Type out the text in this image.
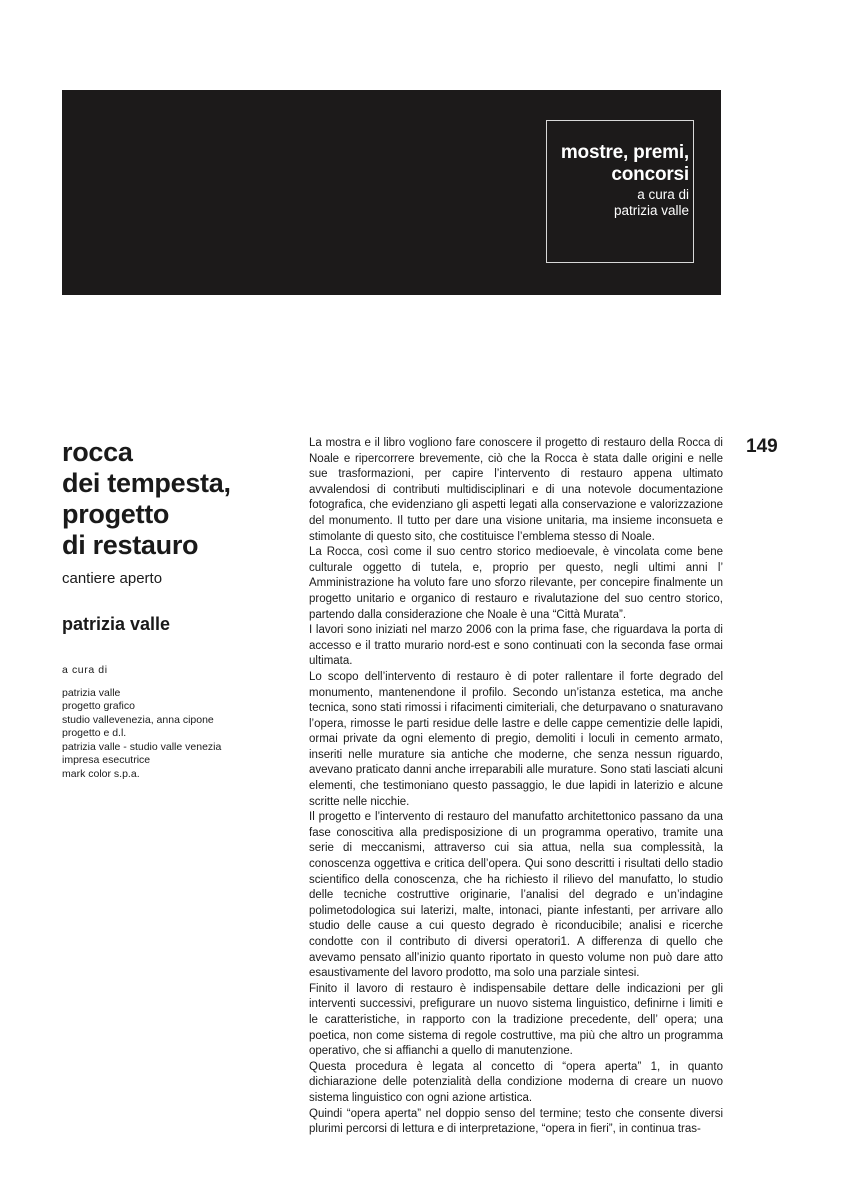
mostre, premi,
concorsi
a cura di
patrizia valle
149
rocca
dei tempesta,
progetto
di restauro
cantiere aperto
patrizia valle
a cura di
patrizia valle
progetto grafico
studio vallevenezia, anna cipone
progetto e d.l.
patrizia valle - studio valle venezia
impresa esecutrice
mark color s.p.a.

La mostra e il libro vogliono fare conoscere il progetto di restauro della Rocca di Noale e ripercorrere brevemente, ciò che la Rocca è stata dalle origini e nelle sue trasformazioni, per capire l’intervento di restauro appena ultimato avvalendosi di contributi multidisciplinari e di una notevole documentazione fotografica, che evidenziano gli aspetti legati alla conservazione e valorizzazione del monumento. Il tutto per dare una visione unitaria, ma insieme inconsueta e stimolante di questo sito, che costituisce l’emblema stesso di Noale.

La Rocca, così come il suo centro storico medioevale, è vincolata come bene culturale oggetto di tutela, e, proprio per questo, negli ultimi anni l’ Amministrazione ha voluto fare uno sforzo rilevante, per concepire finalmente un progetto unitario e organico di restauro e rivalutazione del suo centro storico, partendo dalla considerazione che Noale è una “Città Murata”.

I lavori sono iniziati nel marzo 2006 con la prima fase, che riguardava la porta di accesso e il tratto murario nord-est e sono continuati con la seconda fase ormai ultimata.

Lo scopo dell’intervento di restauro è di poter rallentare il forte degrado del monumento, mantenendone il profilo. Secondo un’istanza estetica, ma anche tecnica, sono stati rimossi i rifacimenti cimiteriali, che deturpavano o snaturavano l’opera, rimosse le parti residue delle lastre e delle cappe cementizie delle lapidi, ormai private da ogni elemento di pregio, demoliti i loculi in cemento armato, inseriti nelle murature sia antiche che moderne, che senza nessun riguardo, avevano praticato danni anche irreparabili alle murature. Sono stati lasciati alcuni elementi, che testimoniano questo passaggio, le due lapidi in laterizio e alcune scritte nelle nicchie.

Il progetto e l’intervento di restauro del manufatto architettonico passano da una fase conoscitiva alla predisposizione di un programma operativo, tramite una serie di meccanismi, attraverso cui sia attua, nella sua complessità, la conoscenza oggettiva e critica dell’opera. Qui sono descritti i risultati dello stadio scientifico della conoscenza, che ha richiesto il rilievo del manufatto, lo studio delle tecniche costruttive originarie, l’analisi del degrado e un’indagine polimetodologica sui laterizi, malte, intonaci, piante infestanti, per arrivare allo studio delle cause a cui questo degrado è riconducibile; analisi e ricerche condotte con il contributo di diversi operatori1. A differenza di quello che avevamo pensato all’inizio quanto riportato in questo volume non può dare atto esaustivamente del lavoro prodotto, ma solo una parziale sintesi.

Finito il lavoro di restauro è indispensabile dettare delle indicazioni per gli interventi successivi, prefigurare un nuovo sistema linguistico, definirne i limiti e le caratteristiche, in rapporto con la tradizione precedente, dell’ opera; una poetica, non come sistema di regole costruttive, ma più che altro un programma operativo, che si affianchi a quello di manutenzione.

Questa procedura è legata al concetto di “opera aperta” 1, in quanto dichiarazione delle potenzialità della condizione moderna di creare un nuovo sistema linguistico con ogni azione artistica.

Quindi “opera aperta” nel doppio senso del termine; testo che consente diversi plurimi percorsi di lettura e di interpretazione, “opera in fieri”, in continua tras-
